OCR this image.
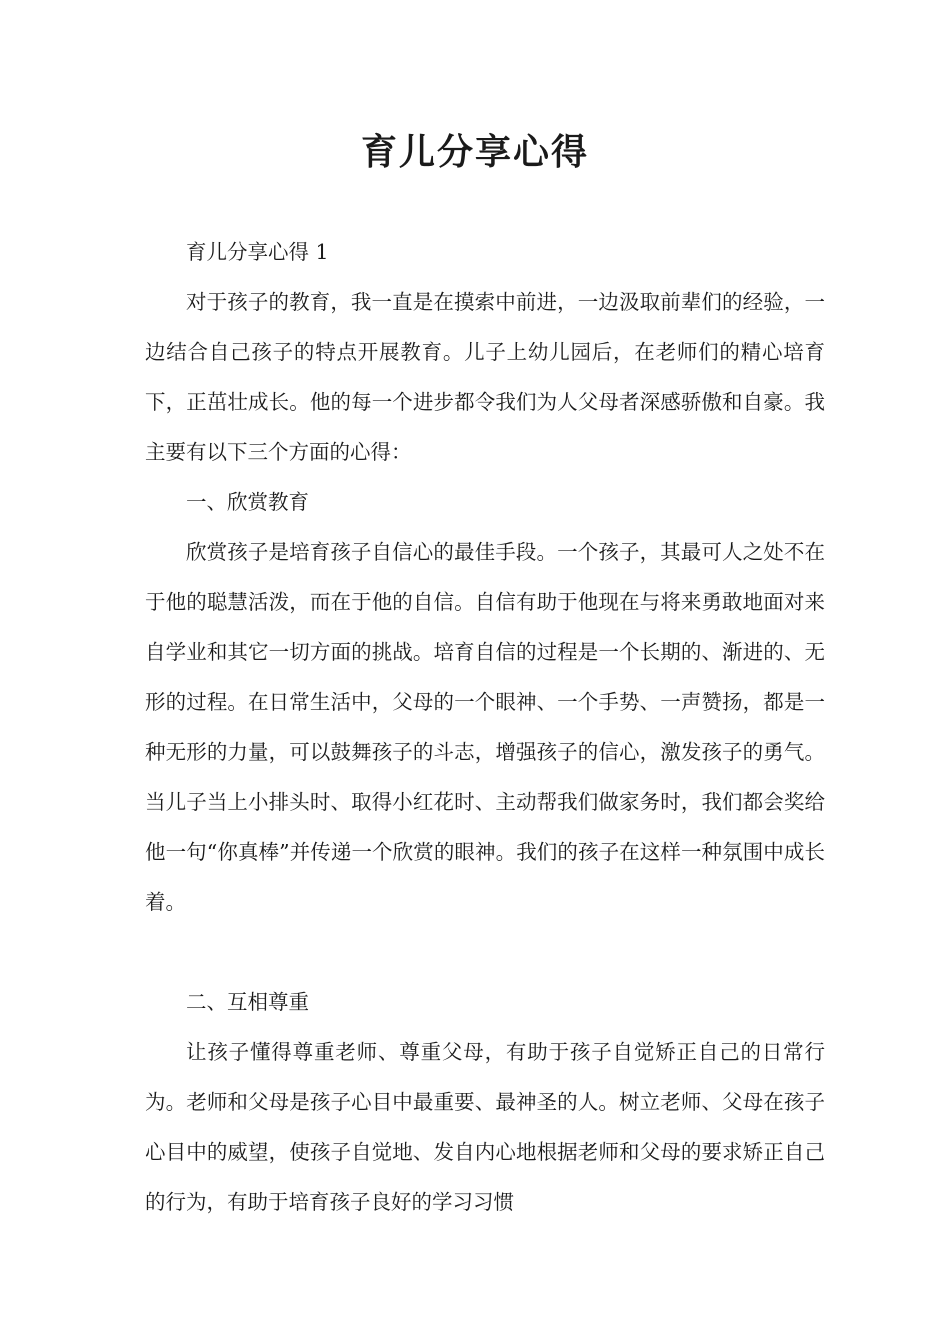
育儿分享心得

育儿分享心得 1

对于孩子的教育，我一直是在摸索中前进，一边汲取前辈们的经验，一边结合自己孩子的特点开展教育。儿子上幼儿园后，在老师们的精心培育下，正茁壮成长。他的每一个进步都令我们为人父母者深感骄傲和自豪。我主要有以下三个方面的心得：

一、欣赏教育

欣赏孩子是培育孩子自信心的最佳手段。一个孩子，其最可人之处不在于他的聪慧活泼，而在于他的自信。自信有助于他现在与将来勇敢地面对来自学业和其它一切方面的挑战。培育自信的过程是一个长期的、渐进的、无形的过程。在日常生活中，父母的一个眼神、一个手势、一声赞扬，都是一种无形的力量，可以鼓舞孩子的斗志，增强孩子的信心，激发孩子的勇气。当儿子当上小排头时、取得小红花时、主动帮我们做家务时，我们都会奖给他一句“你真棒”并传递一个欣赏的眼神。我们的孩子在这样一种氛围中成长着。

二、互相尊重

让孩子懂得尊重老师、尊重父母，有助于孩子自觉矫正自己的日常行为。老师和父母是孩子心目中最重要、最神圣的人。树立老师、父母在孩子心目中的威望，使孩子自觉地、发自内心地根据老师和父母的要求矫正自己的行为，有助于培育孩子良好的学习习惯
